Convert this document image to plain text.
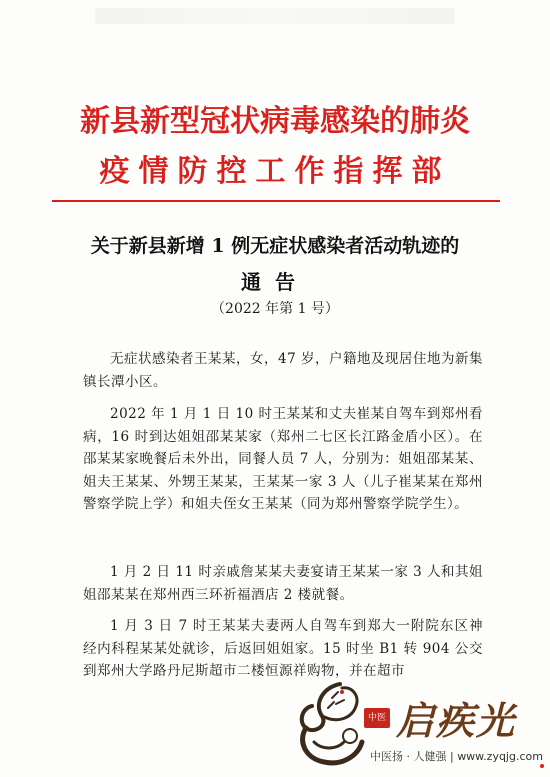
新县新型冠状病毒感染的肺炎
疫情防控工作指挥部
关于新县新增 1 例无症状感染者活动轨迹的
通告

（2022 年第 1 号）

无症状感染者王某某，女，47 岁，户籍地及现居住地为新集镇长潭小区。

2022 年 1 月 1 日 10 时王某某和丈夫崔某自驾车到郑州看病，16 时到达姐姐邵某某家（郑州二七区长江路金盾小区）。在邵某某家晚餐后未外出，同餐人员 7 人，分别为：姐姐邵某某、姐夫王某某、外甥王某某，王某某一家 3 人（儿子崔某某在郑州警察学院上学）和姐夫侄女王某某（同为郑州警察学院学生）。

1 月 2 日 11 时亲戚詹某某夫妻宴请王某某一家 3 人和其姐姐邵某某在郑州西三环祈福酒店 2 楼就餐。

1 月 3 日 7 时王某某夫妻两人自驾车到郑大一附院东区神经内科程某某处就诊，后返回姐姐家。15 时坐 B1 转 904 公交到郑州大学路丹尼斯超市二楼恒源祥购物，并在超市

中医 启疾光
中医扬 · 人健强 | www.zyqjg.com
